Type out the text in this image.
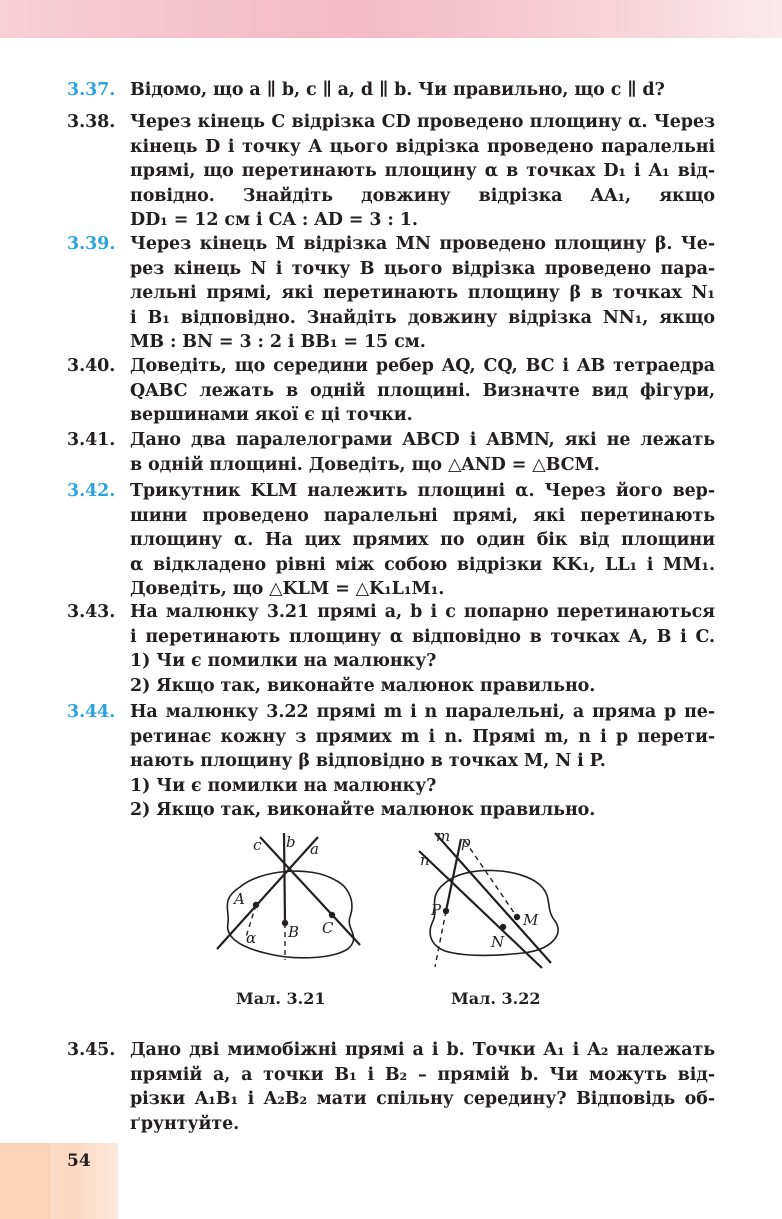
3.37. Відомо, що a ∥ b, c ∥ a, d ∥ b. Чи правильно, що c ∥ d?
3.38. Через кінець C відрізка CD проведено площину α. Через
кінець D і точку A цього відрізка проведено паралельні
прямі, що перетинають площину α в точках D₁ і A₁ від-
повідно. Знайдіть довжину відрізка AA₁, якщо
DD₁ = 12 см і CA : AD = 3 : 1.
3.39. Через кінець M відрізка MN проведено площину β. Че-
рез кінець N і точку B цього відрізка проведено пара-
лельні прямі, які перетинають площину β в точках N₁
і B₁ відповідно. Знайдіть довжину відрізка NN₁, якщо
MB : BN = 3 : 2 і BB₁ = 15 см.
3.40. Доведіть, що середини ребер AQ, CQ, BC і AB тетраедра
QABC лежать в одній площині. Визначте вид фігури,
вершинами якої є ці точки.
3.41. Дано два паралелограми ABCD і ABMN, які не лежать
в одній площині. Доведіть, що △AND = △BCM.
3.42. Трикутник KLM належить площині α. Через його вер-
шини проведено паралельні прямі, які перетинають
площину α. На цих прямих по один бік від площини
α відкладено рівні між собою відрізки KK₁, LL₁ і MM₁.
Доведіть, що △KLM = △K₁L₁M₁.
3.43. На малюнку 3.21 прямі a, b і c попарно перетинаються
і перетинають площину α відповідно в точках A, B і C.
1) Чи є помилки на малюнку?
2) Якщо так, виконайте малюнок правильно.
3.44. На малюнку 3.22 прямі m і n паралельні, а пряма p пе-
ретинає кожну з прямих m і n. Прямі m, n і p перети-
нають площину β відповідно в точках M, N і P.
1) Чи є помилки на малюнку?
2) Якщо так, виконайте малюнок правильно.
3.45. Дано дві мимобіжні прямі a і b. Точки A₁ і A₂ належать
прямій a, а точки B₁ і B₂ – прямій b. Чи можуть від-
різки A₁B₁ і A₂B₂ мати спільну середину? Відповідь об-
ґрунтуйте.
c b a
A
B C
α
m p
n
P
M
N
Мал. 3.21	Мал. 3.22
54
